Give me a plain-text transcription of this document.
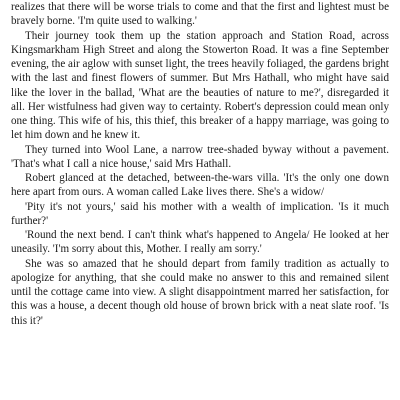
realizes that there will be worse trials to come and that the first and lightest must be bravely borne. 'I'm quite used to walking.'

Their journey took them up the station approach and Station Road, across Kingsmarkham High Street and along the Stowerton Road. It was a fine September evening, the air aglow with sunset light, the trees heavily foliaged, the gardens bright with the last and finest flowers of summer. But Mrs Hathall, who might have said like the lover in the ballad, 'What are the beauties of nature to me?', disregarded it all. Her wistfulness had given way to certainty. Robert's depression could mean only one thing. This wife of his, this thief, this breaker of a happy marriage, was going to let him down and he knew it.

They turned into Wool Lane, a narrow tree-shaded byway without a pavement. 'That's what I call a nice house,' said Mrs Hathall.

Robert glanced at the detached, between-the-wars villa. 'It's the only one down here apart from ours. A woman called Lake lives there. She's a widow/

'Pity it's not yours,' said his mother with a wealth of implication. 'Is it much further?'

'Round the next bend. I can't think what's happened to Angela/ He looked at her uneasily. 'I'm sorry about this, Mother. I really am sorry.'

She was so amazed that he should depart from family tradition as actually to apologize for anything, that she could make no answer to this and remained silent until the cottage came into view. A slight disappointment marred her satisfaction, for this was a house, a decent though old house of brown brick with a neat slate roof. 'Is this it?'
